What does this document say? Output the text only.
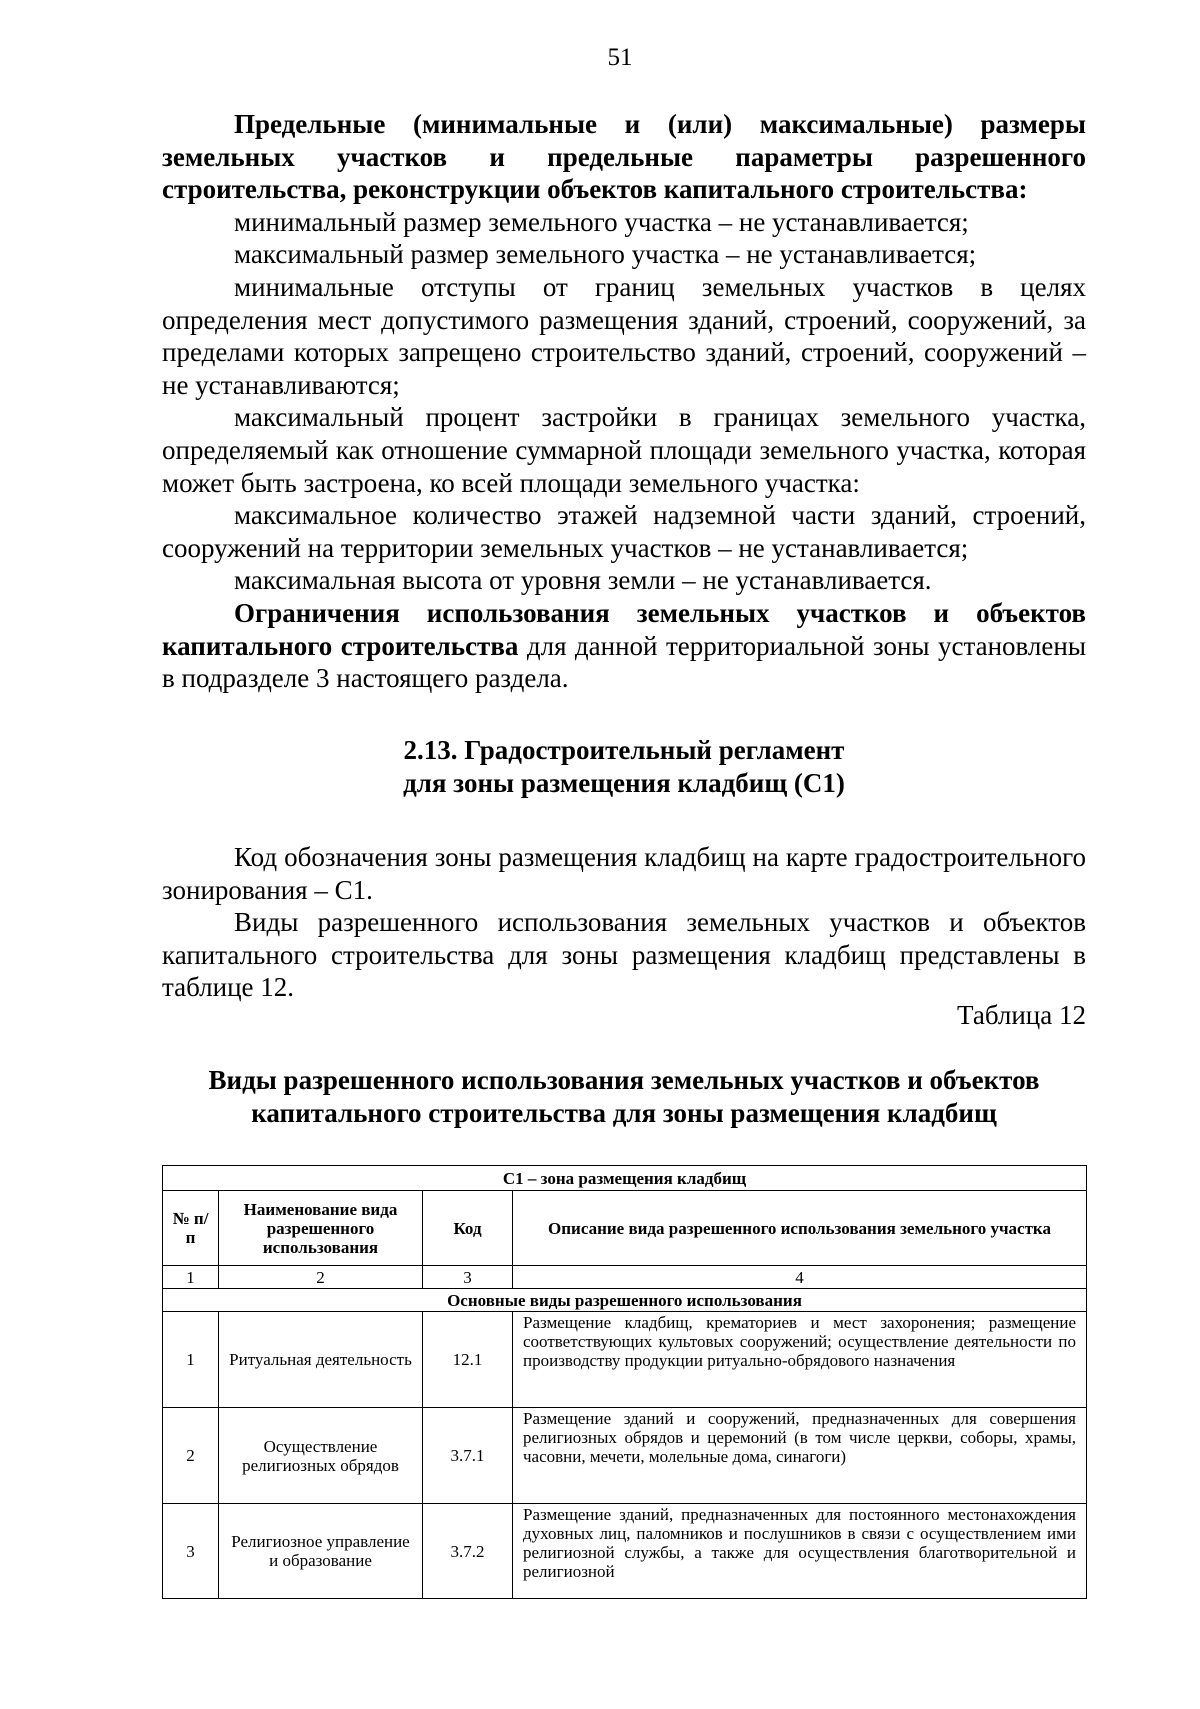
51

Предельные (минимальные и (или) максимальные) размеры земельных участков и предельные параметры разрешенного строительства, реконструкции объектов капитального строительства:

минимальный размер земельного участка – не устанавливается;

максимальный размер земельного участка – не устанавливается;

минимальные отступы от границ земельных участков в целях определения мест допустимого размещения зданий, строений, сооружений, за пределами которых запрещено строительство зданий, строений, сооружений – не устанавливаются;

максимальный процент застройки в границах земельного участка, определяемый как отношение суммарной площади земельного участка, которая может быть застроена, ко всей площади земельного участка:

максимальное количество этажей надземной части зданий, строений, сооружений на территории земельных участков – не устанавливается;

максимальная высота от уровня земли – не устанавливается.

Ограничения использования земельных участков и объектов капитального строительства для данной территориальной зоны установлены в подразделе 3 настоящего раздела.

2.13. Градостроительный регламент
для зоны размещения кладбищ (С1)

Код обозначения зоны размещения кладбищ на карте градостроительного зонирования – С1.

Виды разрешенного использования земельных участков и объектов капитального строительства для зоны размещения кладбищ представлены в таблице 12.

Таблица 12
Виды разрешенного использования земельных участков и объектов
капитального строительства для зоны размещения кладбищ
С1 – зона размещения кладбищ			
№ п/п	Наименование вида разрешенного использования	Код	Описание вида разрешенного использования земельного участка
1	2	3	4
Основные виды разрешенного использования			
1	Ритуальная деятельность	12.1	Размещение кладбищ, крематориев и мест захоронения; размещение соответствующих культовых сооружений; осуществление деятельности по производству продукции ритуально-обрядового назначения
2	Осуществление религиозных обрядов	3.7.1	Размещение зданий и сооружений, предназначенных для совершения религиозных обрядов и церемоний (в том числе церкви, соборы, храмы, часовни, мечети, молельные дома, синагоги)
3	Религиозное управление и образование	3.7.2	Размещение зданий, предназначенных для постоянного местонахождения духовных лиц, паломников и послушников в связи с осуществлением ими религиозной службы, а также для осуществления благотворительной и религиозной
